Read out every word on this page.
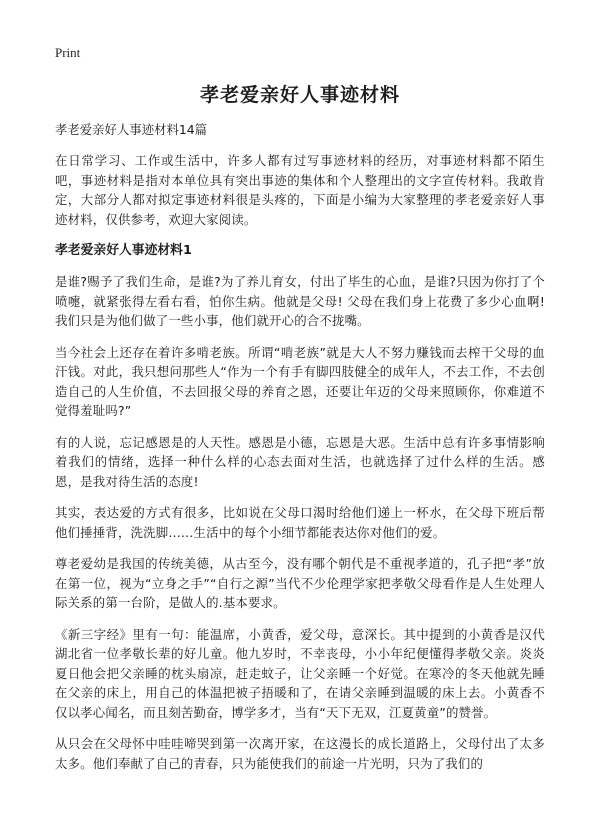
Print
孝老爱亲好人事迹材料

孝老爱亲好人事迹材料14篇

在日常学习、工作或生活中，许多人都有过写事迹材料的经历，对事迹材料都不陌生吧，事迹材料是指对本单位具有突出事迹的集体和个人整理出的文字宣传材料。我敢肯定，大部分人都对拟定事迹材料很是头疼的，下面是小编为大家整理的孝老爱亲好人事迹材料，仅供参考，欢迎大家阅读。

孝老爱亲好人事迹材料1

是谁?赐予了我们生命，是谁?为了养儿育女，付出了毕生的心血，是谁?只因为你打了个喷嚏，就紧张得左看右看，怕你生病。他就是父母! 父母在我们身上花费了多少心血啊!我们只是为他们做了一些小事，他们就开心的合不拢嘴。

当今社会上还存在着许多啃老族。所谓“啃老族”就是大人不努力赚钱而去榨干父母的血汗钱。对此，我只想问那些人“作为一个有手有脚四肢健全的成年人，不去工作，不去创造自己的人生价值，不去回报父母的养育之恩，还要让年迈的父母来照顾你，你难道不觉得羞耻吗?”

有的人说，忘记感恩是的人天性。感恩是小德，忘恩是大恶。生活中总有许多事情影响着我们的情绪，选择一种什么样的心态去面对生活，也就选择了过什么样的生活。感恩，是我对待生活的态度!

其实，表达爱的方式有很多，比如说在父母口渴时给他们递上一杯水，在父母下班后帮他们捶捶背，洗洗脚……生活中的每个小细节都能表达你对他们的爱。

尊老爱幼是我国的传统美德，从古至今，没有哪个朝代是不重视孝道的，孔子把“孝”放在第一位，视为“立身之手”“自行之源”当代不少伦理学家把孝敬父母看作是人生处理人际关系的第一台阶，是做人的.基本要求。

《新三字经》里有一句：能温席，小黄香，爱父母，意深长。其中提到的小黄香是汉代湖北省一位孝敬长辈的好儿童。他九岁时，不幸丧母，小小年纪便懂得孝敬父亲。炎炎夏日他会把父亲睡的枕头扇凉，赶走蚊子，让父亲睡一个好觉。在寒冷的冬天他就先睡在父亲的床上，用自己的体温把被子捂暖和了，在请父亲睡到温暖的床上去。小黄香不仅以孝心闻名，而且刻苦勤奋，博学多才，当有“天下无双，江夏黄童”的赞誉。

从只会在父母怀中哇哇啼哭到第一次离开家，在这漫长的成长道路上，父母付出了太多太多。他们奉献了自己的青春，只为能使我们的前途一片光明，只为了我们的
